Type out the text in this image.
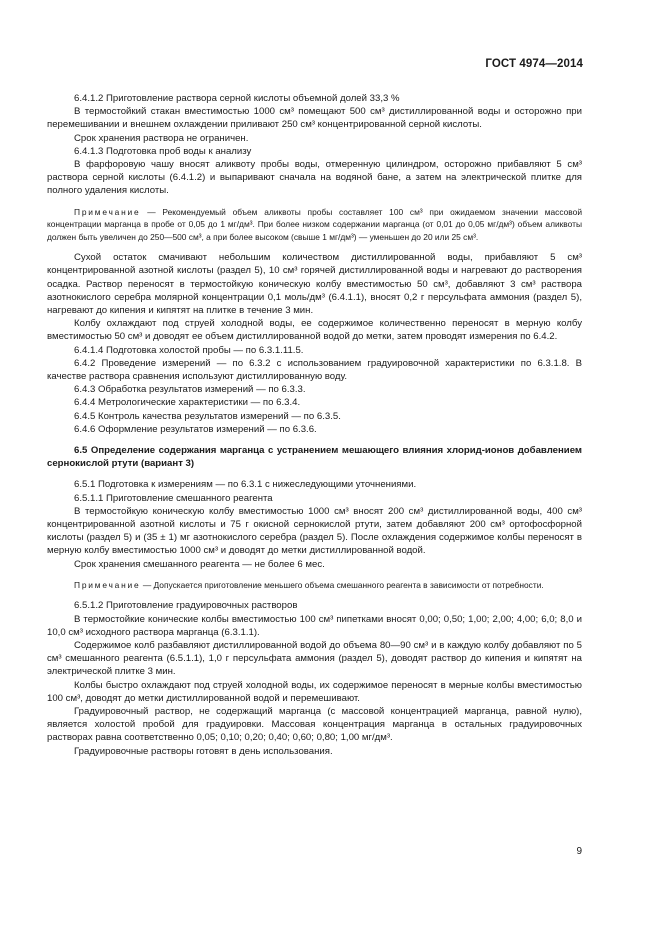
ГОСТ 4974—2014

6.4.1.2 Приготовление раствора серной кислоты объемной долей 33,3 %

В термостойкий стакан вместимостью 1000 см³ помещают 500 см³ дистиллированной воды и осторожно при перемешивании и внешнем охлаждении приливают 250 см³ концентрированной серной кислоты.

Срок хранения раствора не ограничен.

6.4.1.3 Подготовка проб воды к анализу

В фарфоровую чашу вносят аликвоту пробы воды, отмеренную цилиндром, осторожно прибавляют 5 см³ раствора серной кислоты (6.4.1.2) и выпаривают сначала на водяной бане, а затем на электрической плитке для полного удаления кислоты.

Примечание — Рекомендуемый объем аликвоты пробы составляет 100 см³ при ожидаемом значении массовой концентрации марганца в пробе от 0,05 до 1 мг/дм³. При более низком содержании марганца (от 0,01 до 0,05 мг/дм³) объем аликвоты должен быть увеличен до 250—500 см³, а при более высоком (свыше 1 мг/дм³) — уменьшен до 20 или 25 см³.

Сухой остаток смачивают небольшим количеством дистиллированной воды, прибавляют 5 см³ концентрированной азотной кислоты (раздел 5), 10 см³ горячей дистиллированной воды и нагревают до растворения осадка. Раствор переносят в термостойкую коническую колбу вместимостью 50 см³, добавляют 3 см³ раствора азотнокислого серебра молярной концентрации 0,1 моль/дм³ (6.4.1.1), вносят 0,2 г персульфата аммония (раздел 5), нагревают до кипения и кипятят на плитке в течение 3 мин.

Колбу охлаждают под струей холодной воды, ее содержимое количественно переносят в мерную колбу вместимостью 50 см³ и доводят ее объем дистиллированной водой до метки, затем проводят измерения по 6.4.2.

6.4.1.4 Подготовка холостой пробы — по 6.3.1.11.5.

6.4.2 Проведение измерений — по 6.3.2 с использованием градуировочной характеристики по 6.3.1.8. В качестве раствора сравнения используют дистиллированную воду.

6.4.3 Обработка результатов измерений — по 6.3.3.

6.4.4 Метрологические характеристики — по 6.3.4.

6.4.5 Контроль качества результатов измерений — по 6.3.5.

6.4.6 Оформление результатов измерений — по 6.3.6.

6.5 Определение содержания марганца с устранением мешающего влияния хлорид-ионов добавлением сернокислой ртути (вариант 3)

6.5.1 Подготовка к измерениям — по 6.3.1 с нижеследующими уточнениями.

6.5.1.1 Приготовление смешанного реагента

В термостойкую коническую колбу вместимостью 1000 см³ вносят 200 см³ дистиллированной воды, 400 см³ концентрированной азотной кислоты и 75 г окисной сернокислой ртути, затем добавляют 200 см³ ортофосфорной кислоты (раздел 5) и (35 ± 1) мг азотнокислого серебра (раздел 5). После охлаждения содержимое колбы переносят в мерную колбу вместимостью 1000 см³ и доводят до метки дистиллированной водой.

Срок хранения смешанного реагента — не более 6 мес.

Примечание — Допускается приготовление меньшего объема смешанного реагента в зависимости от потребности.

6.5.1.2 Приготовление градуировочных растворов

В термостойкие конические колбы вместимостью 100 см³ пипетками вносят 0,00; 0,50; 1,00; 2,00; 4,00; 6,0; 8,0 и 10,0 см³ исходного раствора марганца (6.3.1.1).

Содержимое колб разбавляют дистиллированной водой до объема 80—90 см³ и в каждую колбу добавляют по 5 см³ смешанного реагента (6.5.1.1), 1,0 г персульфата аммония (раздел 5), доводят раствор до кипения и кипятят на электрической плитке 3 мин.

Колбы быстро охлаждают под струей холодной воды, их содержимое переносят в мерные колбы вместимостью 100 см³, доводят до метки дистиллированной водой и перемешивают.

Градуировочный раствор, не содержащий марганца (с массовой концентрацией марганца, равной нулю), является холостой пробой для градуировки. Массовая концентрация марганца в остальных градуировочных растворах равна соответственно 0,05; 0,10; 0,20; 0,40; 0,60; 0,80; 1,00 мг/дм³.

Градуировочные растворы готовят в день использования.

9
